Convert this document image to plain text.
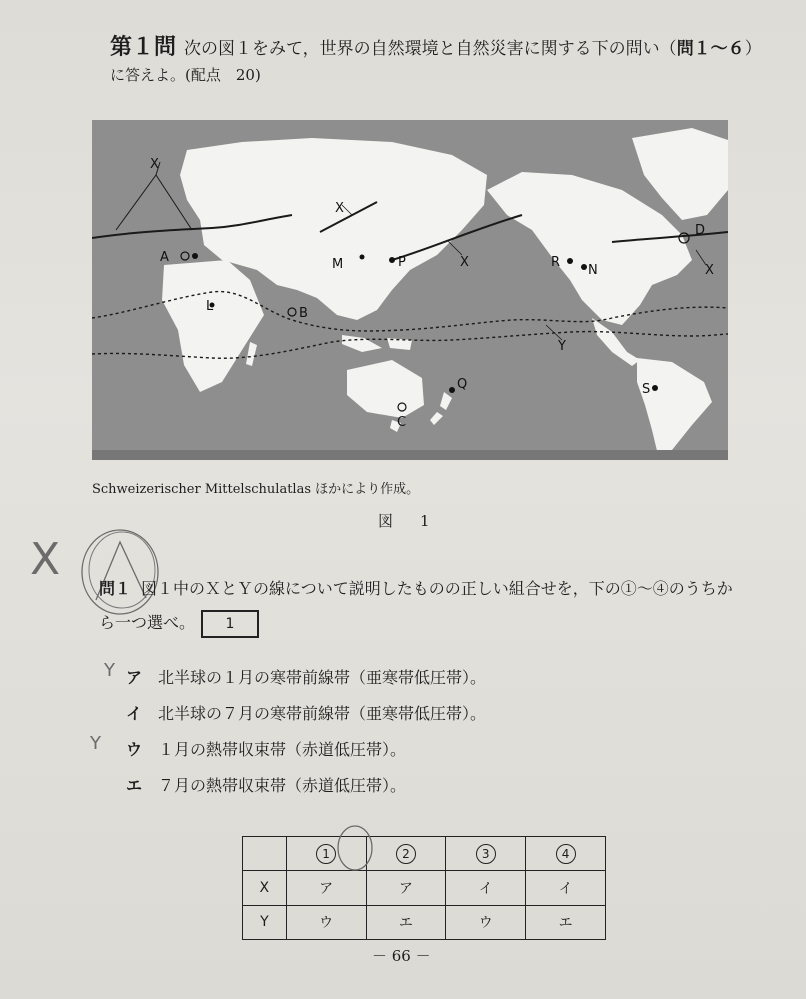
第１問 次の図１をみて，世界の自然環境と自然災害に関する下の問い（問１～６）
に答えよ。(配点　20)
X
X
X
X
Y
A
B
C
D
L
M	N
P
Q
R
S
Schweizerischer Mittelschulatlas ほかにより作成。
図　1
X
Y
Y
問１ 図１中のＸとＹの線について説明したものの正しい組合せを，下の①～④のうちから一つ選べ。 1
ア 北半球の１月の寒帯前線帯（亜寒帯低圧帯）。
イ 北半球の７月の寒帯前線帯（亜寒帯低圧帯）。
ウ １月の熱帯収束帯（赤道低圧帯）。
エ ７月の熱帯収束帯（赤道低圧帯）。
	1	2	3	4
X	ア	ア	イ	イ
Y	ウ	エ	ウ	エ
－ 66 －
